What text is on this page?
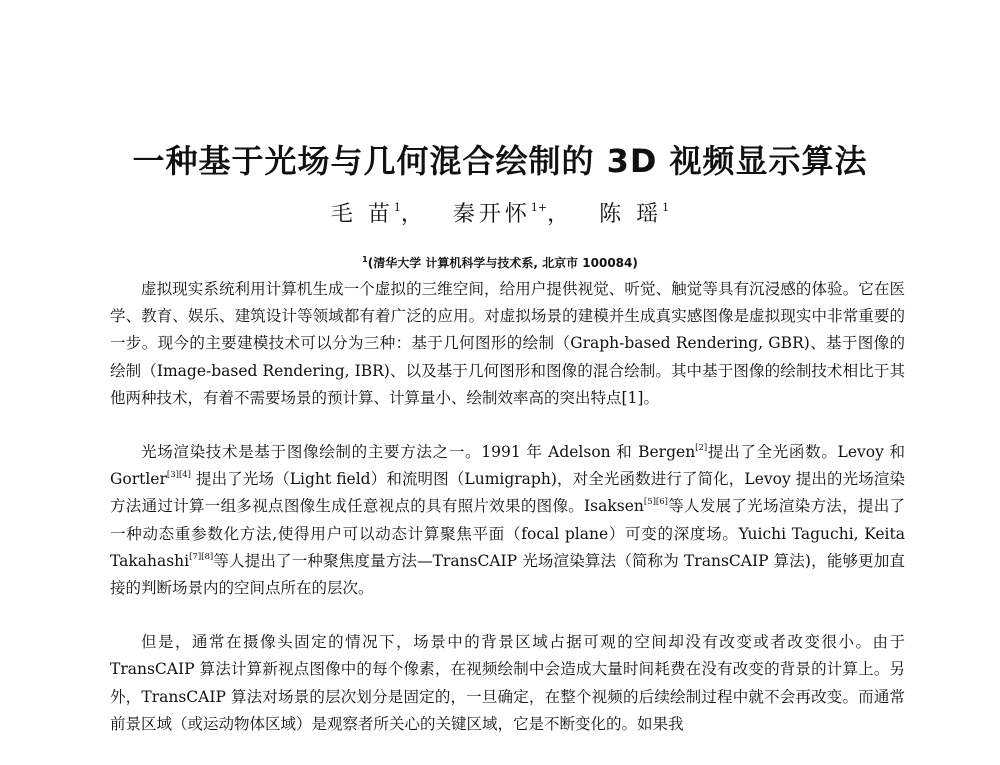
一种基于光场与几何混合绘制的 3D 视频显示算法
毛 苗$^1$， 秦开怀$^{1+}$， 陈 瑶$^1$
$^1$(清华大学 计算机科学与技术系, 北京市 100084)

虚拟现实系统利用计算机生成一个虚拟的三维空间，给用户提供视觉、听觉、触觉等具有沉浸感的体验。它在医学、教育、娱乐、建筑设计等领域都有着广泛的应用。对虚拟场景的建模并生成真实感图像是虚拟现实中非常重要的一步。现今的主要建模技术可以分为三种：基于几何图形的绘制（Graph-based Rendering, GBR)、基于图像的绘制（Image-based Rendering, IBR)、以及基于几何图形和图像的混合绘制。其中基于图像的绘制技术相比于其他两种技术，有着不需要场景的预计算、计算量小、绘制效率高的突出特点[1]。

光场渲染技术是基于图像绘制的主要方法之一。1991 年 Adelson 和 Bergen[2]提出了全光函数。Levoy 和 Gortler[3][4] 提出了光场（Light field）和流明图（Lumigraph)，对全光函数进行了简化，Levoy 提出的光场渲染方法通过计算一组多视点图像生成任意视点的具有照片效果的图像。Isaksen[5][6]等人发展了光场渲染方法，提出了一种动态重参数化方法,使得用户可以动态计算聚焦平面（focal plane）可变的深度场。Yuichi Taguchi, Keita Takahashi[7][8]等人提出了一种聚焦度量方法—TransCAIP 光场渲染算法（简称为 TransCAIP 算法)，能够更加直接的判断场景内的空间点所在的层次。

但是，通常在摄像头固定的情况下，场景中的背景区域占据可观的空间却没有改变或者改变很小。由于 TransCAIP 算法计算新视点图像中的每个像素，在视频绘制中会造成大量时间耗费在没有改变的背景的计算上。另外，TransCAIP 算法对场景的层次划分是固定的，一旦确定，在整个视频的后续绘制过程中就不会再改变。而通常前景区域（或运动物体区域）是观察者所关心的关键区域，它是不断变化的。如果我
